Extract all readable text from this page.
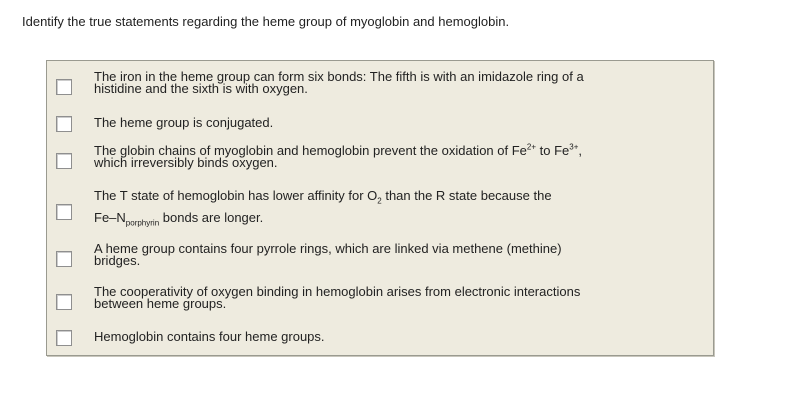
Identify the true statements regarding the heme group of myoglobin and hemoglobin.
The iron in the heme group can form six bonds: The fifth is with an imidazole ring of a
histidine and the sixth is with oxygen.
The heme group is conjugated.
The globin chains of myoglobin and hemoglobin prevent the oxidation of $Fe^{2+}$ to $Fe^{3+}$,
which irreversibly binds oxygen.
The T state of hemoglobin has lower affinity for $O_2$ than the R state because the
$Fe-N_{porphyrin}$ bonds are longer.
A heme group contains four pyrrole rings, which are linked via methene (methine)
bridges.
The cooperativity of oxygen binding in hemoglobin arises from electronic interactions
between heme groups.
Hemoglobin contains four heme groups.
